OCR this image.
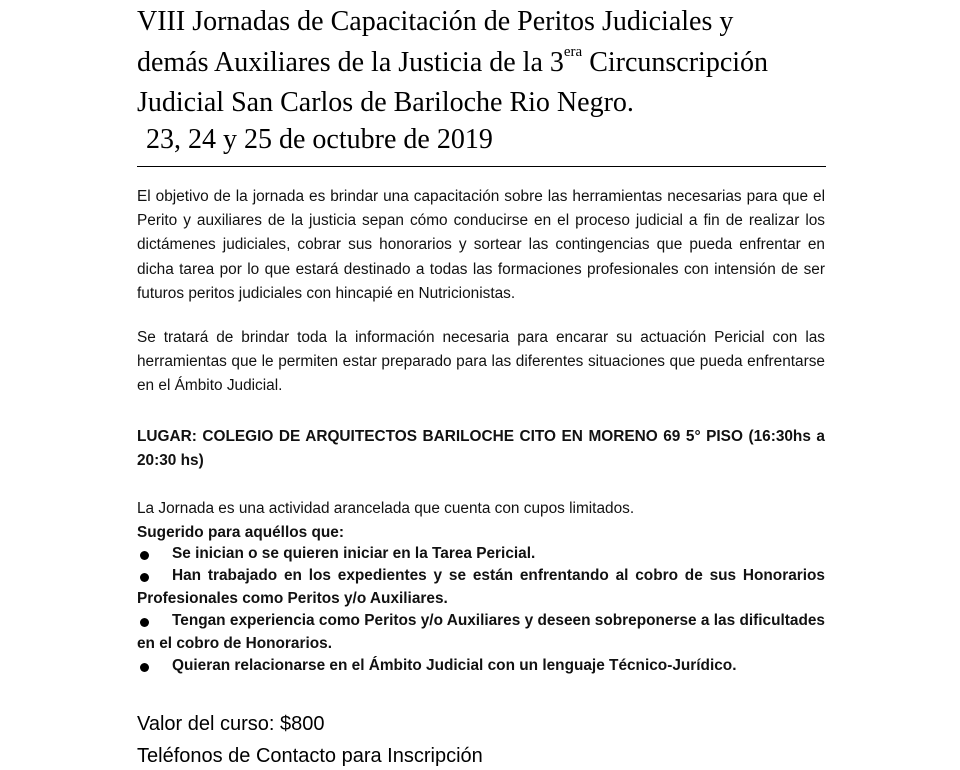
VIII Jornadas de Capacitación de Peritos Judiciales y
demás Auxiliares de la Justicia de la $3^{era}$ Circunscripción
Judicial San Carlos de Bariloche Rio Negro.
23, 24 y 25 de octubre de 2019

El objetivo de la jornada es brindar una capacitación sobre las herramientas necesarias para que el Perito y auxiliares de la justicia sepan cómo conducirse en el proceso judicial a fin de realizar los dictámenes judiciales, cobrar sus honorarios y sortear las contingencias que pueda enfrentar en dicha tarea por lo que estará destinado a todas las formaciones profesionales con intensión de ser futuros peritos judiciales con hincapié en Nutricionistas.

Se tratará de brindar toda la información necesaria para encarar su actuación Pericial con las herramientas que le permiten estar preparado para las diferentes situaciones que pueda enfrentarse en el Ámbito Judicial.

LUGAR: COLEGIO DE ARQUITECTOS BARILOCHE CITO EN MORENO 69 5° PISO (16:30hs a 20:30 hs)

La Jornada es una actividad arancelada que cuenta con cupos limitados.

Sugerido para aquéllos que:

Se inician o se quieren iniciar en la Tarea Pericial.
Han trabajado en los expedientes y se están enfrentando al cobro de sus Honorarios Profesionales como Peritos y/o Auxiliares.
Tengan experiencia como Peritos y/o Auxiliares y deseen sobreponerse a las dificultades en el cobro de Honorarios.
Quieran relacionarse en el Ámbito Judicial con un lenguaje Técnico-Jurídico.
Valor del curso: $800
Teléfonos de Contacto para Inscripción
